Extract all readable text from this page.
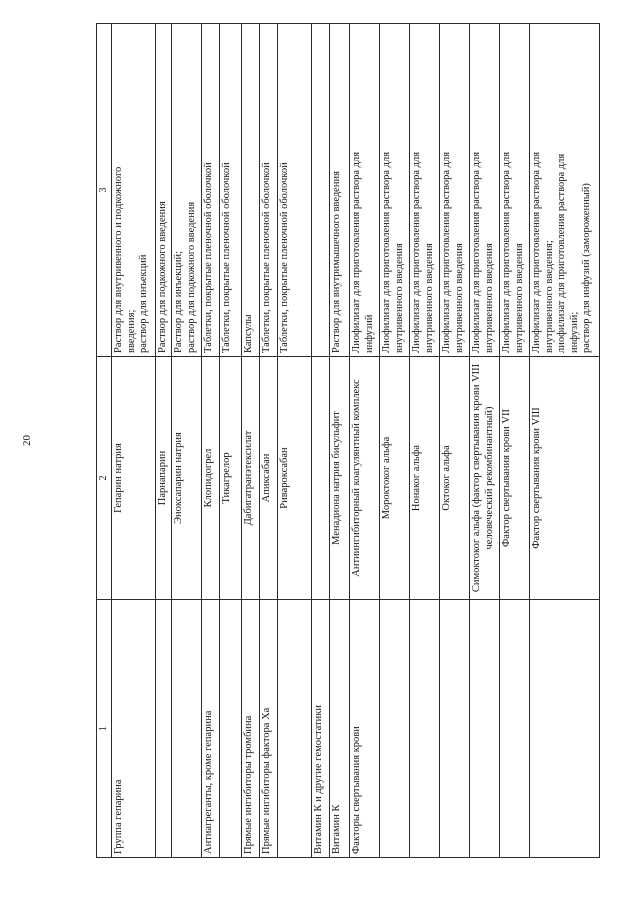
20
1	2	3
Группа гепарина	Гепарин натрия	Раствор для внутривенного и подкожного введения; раствор для инъекций

	Парнапарин	Раствор для подкожного введения

	Эноксапарин натрия	Раствор для инъекций; раствор для подкожного введения

Антиагреганты, кроме гепарина	Клопидогрел	Таблетки, покрытые пленочной оболочкой

	Тикагрелор	Таблетки, покрытые пленочной оболочкой

Прямые ингибиторы тромбина	Дабигатранэтексилат	Капсулы

Прямые ингибиторы фактора Ха	Апиксабан	Таблетки, покрытые пленочной оболочкой

	Ривароксабан	Таблетки, покрытые пленочной оболочкой

Витамин К и другие гемостатики		

Витамин К	Менадиона натрия бисульфит	Раствор для внутримышечного введения

Факторы свертывания крови	Антиингибиторный коагулянтный комплекс	Лиофилизат для приготовления раствора для инфузий

	Мороктоког альфа	Лиофилизат для приготовления раствора для внутривенного введения

	Нонаког альфа	Лиофилизат для приготовления раствора для внутривенного введения

	Октоког альфа	Лиофилизат для приготовления раствора для внутривенного введения

	Симоктоког альфа (фактор свертывания крови VIII человеческий рекомбинантный)	Лиофилизат для приготовления раствора для внутривенного введения

	Фактор свертывания крови VII	Лиофилизат для приготовления раствора для внутривенного введения

	Фактор свертывания крови VIII	Лиофилизат для приготовления раствора для внутривенного введения; лиофилизат для приготовления раствора для инфузий; раствор для инфузий (замороженный)
